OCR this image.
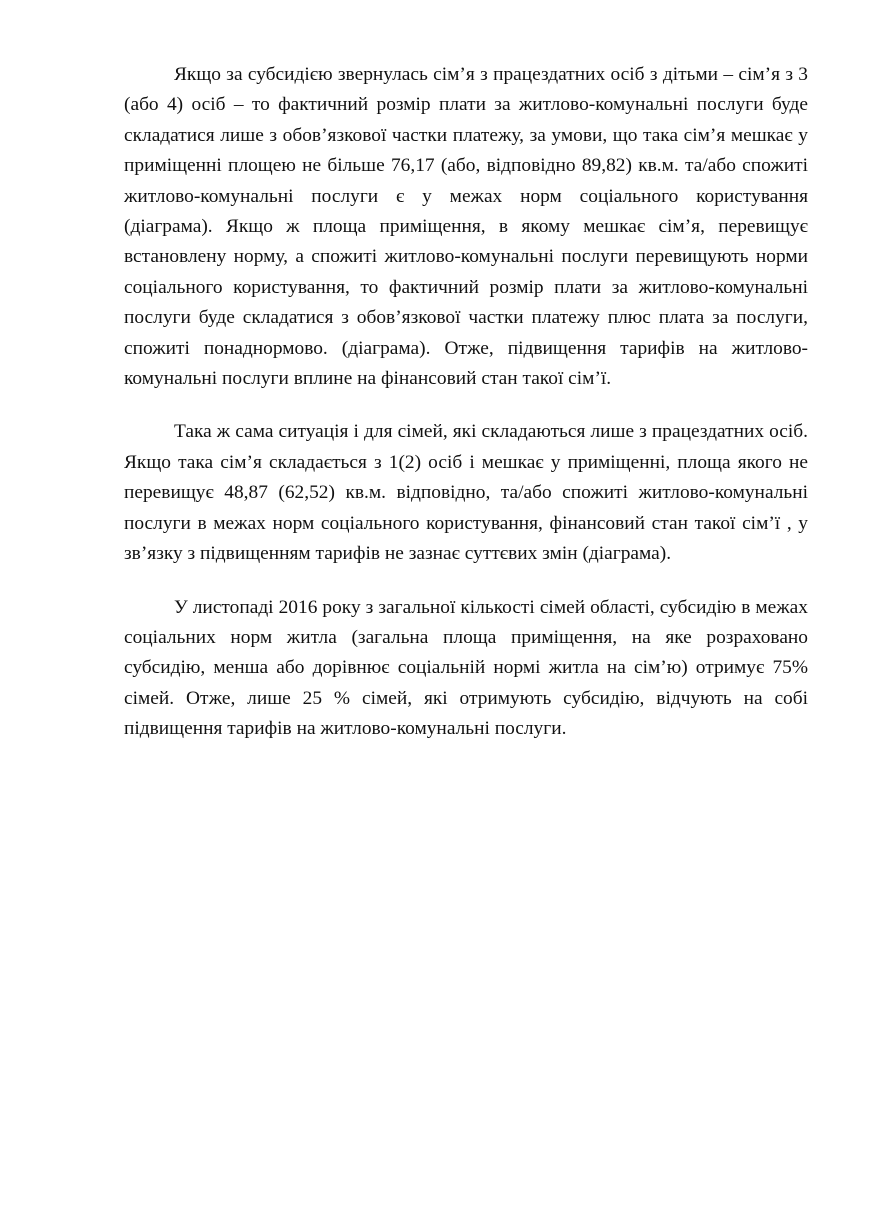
Якщо за субсидією звернулась сім’я з працездатних осіб з дітьми – сім’я з 3 (або 4) осіб – то фактичний розмір плати за житлово-комунальні послуги буде складатися лише з обов’язкової частки платежу, за умови, що така сім’я мешкає у приміщенні площею не більше 76,17 (або, відповідно 89,82) кв.м. та/або спожиті житлово-комунальні послуги є у межах норм соціального користування (діаграма). Якщо ж площа приміщення, в якому мешкає сім’я, перевищує встановлену норму, а спожиті житлово-комунальні послуги перевищують норми соціального користування, то фактичний розмір плати за житлово-комунальні послуги буде складатися з обов’язкової частки платежу плюс плата за послуги, спожиті понаднормово. (діаграма). Отже, підвищення тарифів на житлово-комунальні послуги вплине на фінансовий стан такої сім’ї.

Така ж сама ситуація і для сімей, які складаються лише з працездатних осіб. Якщо така сім’я складається з 1(2) осіб і мешкає у приміщенні, площа якого не перевищує 48,87 (62,52) кв.м. відповідно, та/або спожиті житлово-комунальні послуги в межах норм соціального користування, фінансовий стан такої сім’ї , у зв’язку з підвищенням тарифів не зазнає суттєвих змін (діаграма).

У листопаді 2016 року з загальної кількості сімей області, субсидію в межах соціальних норм житла (загальна площа приміщення, на яке розраховано субсидію, менша або дорівнює соціальній нормі житла на сім’ю) отримує 75% сімей. Отже, лише 25 % сімей, які отримують субсидію, відчують на собі підвищення тарифів на житлово-комунальні послуги.
